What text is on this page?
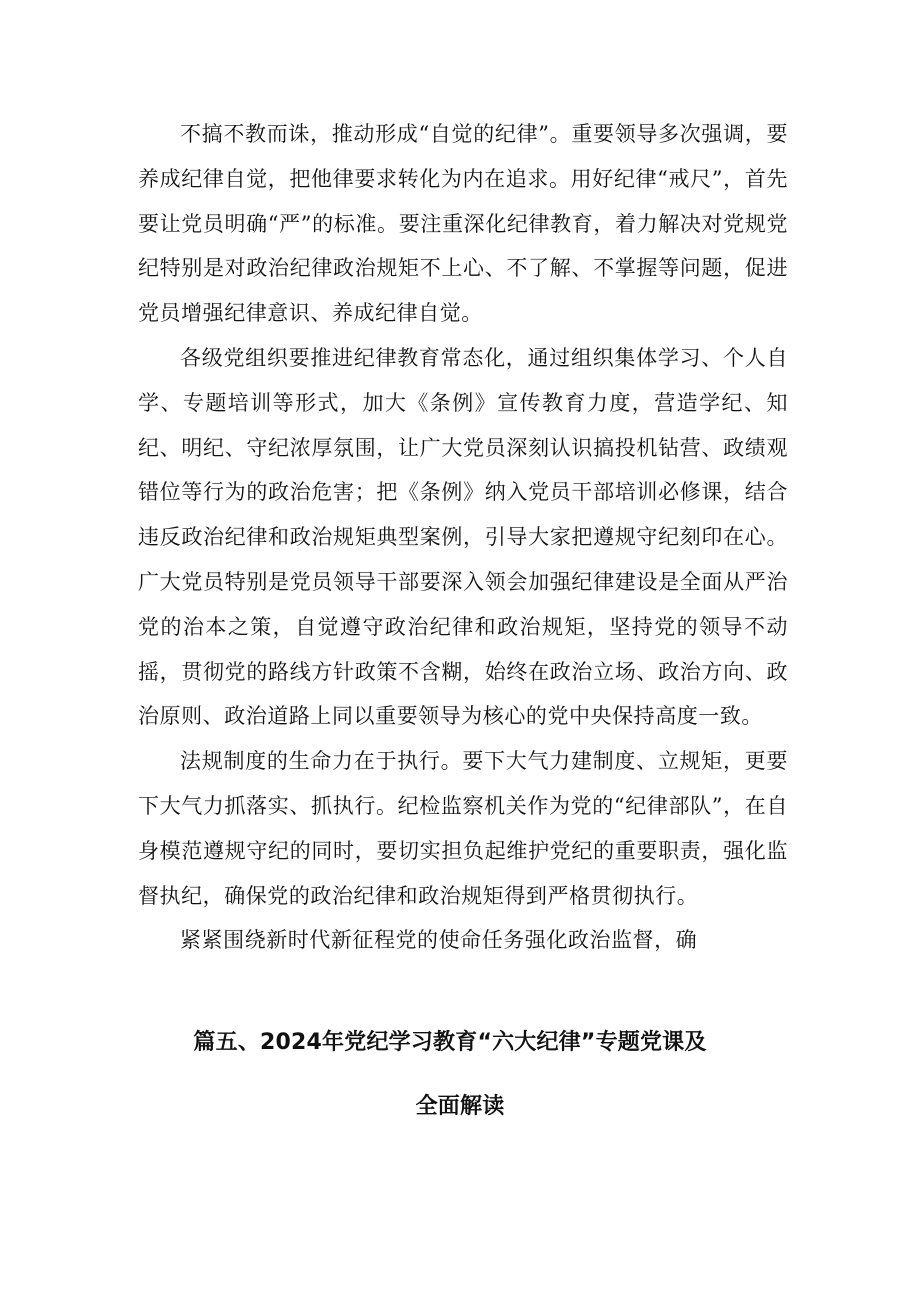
不搞不教而诛，推动形成“自觉的纪律”。重要领导多次强调，要养成纪律自觉，把他律要求转化为内在追求。用好纪律“戒尺”，首先要让党员明确“严”的标准。要注重深化纪律教育，着力解决对党规党纪特别是对政治纪律政治规矩不上心、不了解、不掌握等问题，促进党员增强纪律意识、养成纪律自觉。

各级党组织要推进纪律教育常态化，通过组织集体学习、个人自学、专题培训等形式，加大《条例》宣传教育力度，营造学纪、知纪、明纪、守纪浓厚氛围，让广大党员深刻认识搞投机钻营、政绩观错位等行为的政治危害；把《条例》纳入党员干部培训必修课，结合违反政治纪律和政治规矩典型案例，引导大家把遵规守纪刻印在心。广大党员特别是党员领导干部要深入领会加强纪律建设是全面从严治党的治本之策，自觉遵守政治纪律和政治规矩，坚持党的领导不动摇，贯彻党的路线方针政策不含糊，始终在政治立场、政治方向、政治原则、政治道路上同以重要领导为核心的党中央保持高度一致。

法规制度的生命力在于执行。要下大气力建制度、立规矩，更要下大气力抓落实、抓执行。纪检监察机关作为党的“纪律部队”，在自身模范遵规守纪的同时，要切实担负起维护党纪的重要职责，强化监督执纪，确保党的政治纪律和政治规矩得到严格贯彻执行。

紧紧围绕新时代新征程党的使命任务强化政治监督，确

篇五、2024年党纪学习教育“六大纪律”专题党课及
全面解读
